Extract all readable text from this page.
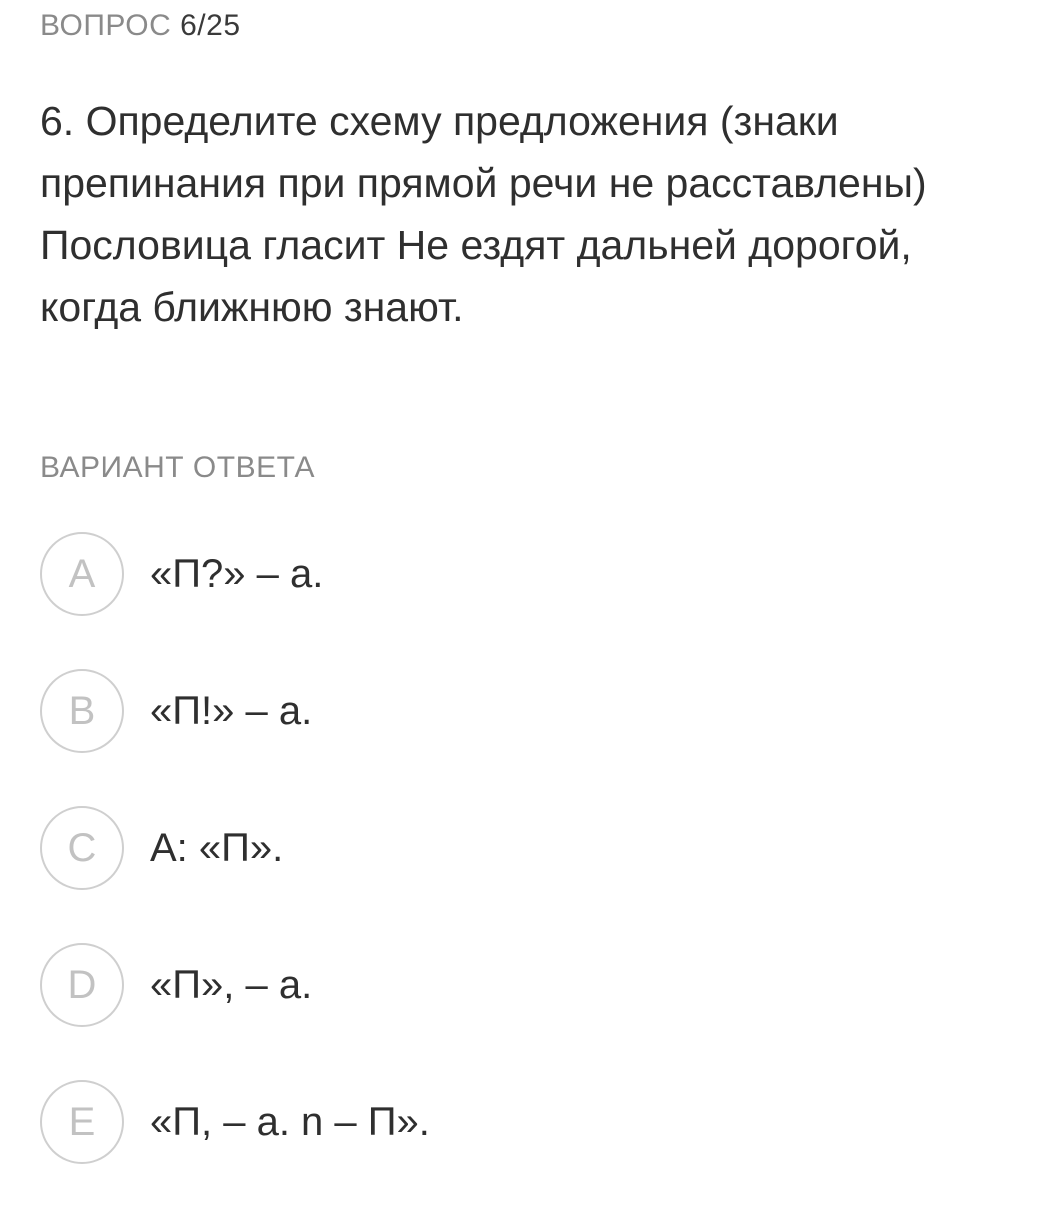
ВОПРОС 6/25
6. Определите схему предложения (знаки
препинания при прямой речи не расставлены)
Пословица гласит Не ездят дальней дорогой,
когда ближнюю знают.
ВАРИАНТ ОТВЕТА
A	«П?» – а.
B	«П!» – а.
C	А: «П».
D	«П», – а.
E	«П, – а. n – П».
